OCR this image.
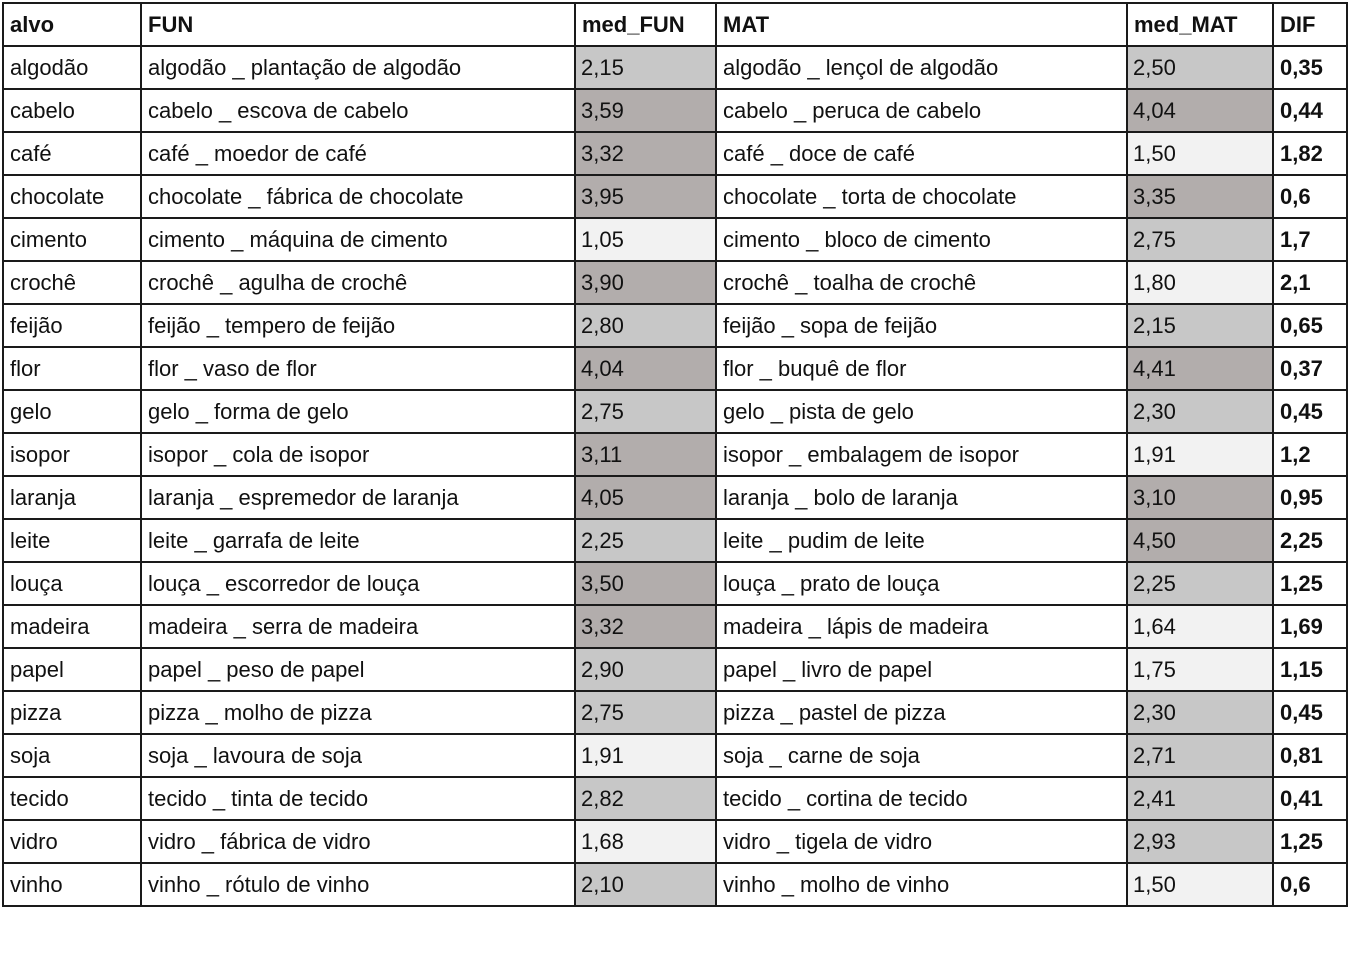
alvo	FUN	med_FUN	MAT	med_MAT	DIF
algodão	algodão _ plantação de algodão	2,15	algodão _ lençol de algodão	2,50	0,35
cabelo	cabelo _ escova de cabelo	3,59	cabelo _ peruca de cabelo	4,04	0,44
café	café _ moedor de café	3,32	café _ doce de café	1,50	1,82
chocolate	chocolate _ fábrica de chocolate	3,95	chocolate _ torta de chocolate	3,35	0,6
cimento	cimento _ máquina de cimento	1,05	cimento _ bloco de cimento	2,75	1,7
crochê	crochê _ agulha de crochê	3,90	crochê _ toalha de crochê	1,80	2,1
feijão	feijão _ tempero de feijão	2,80	feijão _ sopa de feijão	2,15	0,65
flor	flor _ vaso de flor	4,04	flor _ buquê de flor	4,41	0,37
gelo	gelo _ forma de gelo	2,75	gelo _ pista de gelo	2,30	0,45
isopor	isopor _ cola de isopor	3,11	isopor _ embalagem de isopor	1,91	1,2
laranja	laranja _ espremedor de laranja	4,05	laranja _ bolo de laranja	3,10	0,95
leite	leite _ garrafa de leite	2,25	leite _ pudim de leite	4,50	2,25
louça	louça _ escorredor de louça	3,50	louça _ prato de louça	2,25	1,25
madeira	madeira _ serra de madeira	3,32	madeira _ lápis de madeira	1,64	1,69
papel	papel _ peso de papel	2,90	papel _ livro de papel	1,75	1,15
pizza	pizza _ molho de pizza	2,75	pizza _ pastel de pizza	2,30	0,45
soja	soja _ lavoura de soja	1,91	soja _ carne de soja	2,71	0,81
tecido	tecido _ tinta de tecido	2,82	tecido _ cortina de tecido	2,41	0,41
vidro	vidro _ fábrica de vidro	1,68	vidro _ tigela de vidro	2,93	1,25
vinho	vinho _ rótulo de vinho	2,10	vinho _ molho de vinho	1,50	0,6
